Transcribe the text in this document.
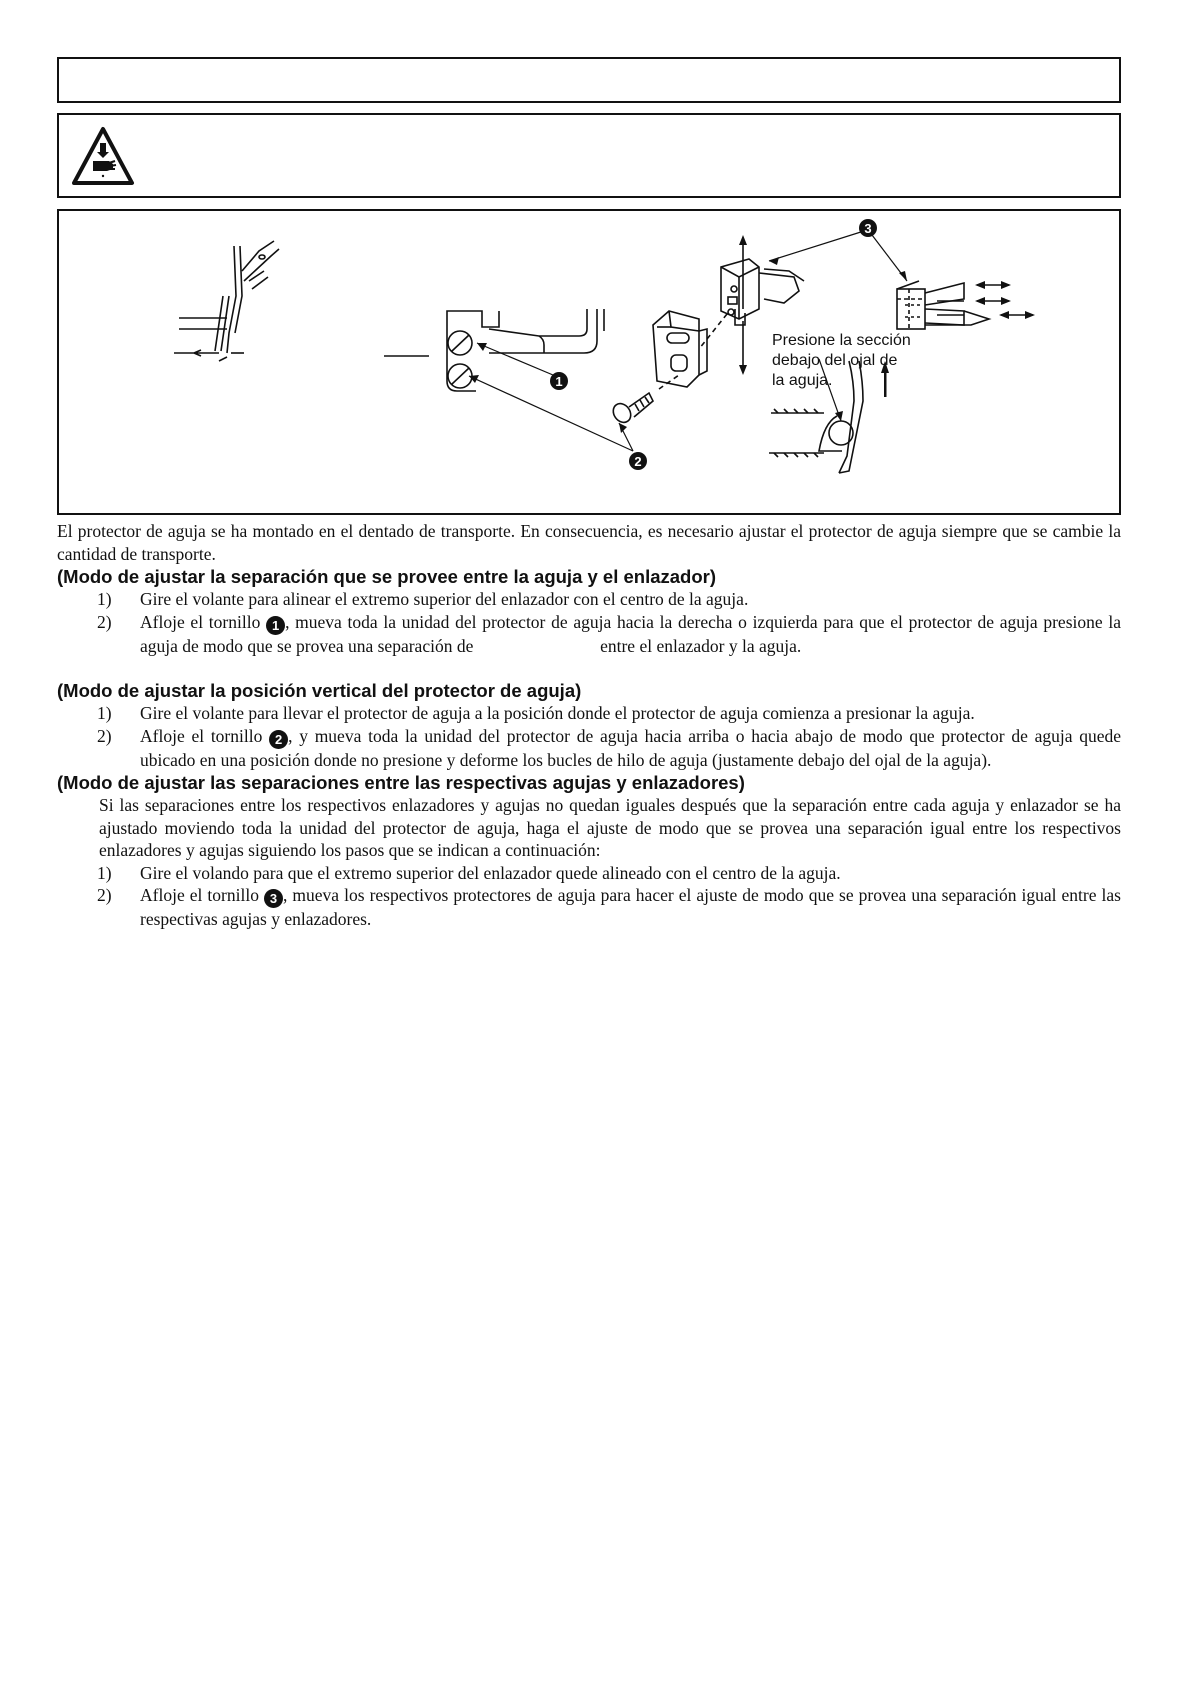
3
1
2
Presione la sección
debajo del ojal de
la aguja.

El protector de aguja se ha montado en el dentado de transporte. En consecuencia, es necesario ajustar el protector de aguja siempre que se cambie la cantidad de transporte.

(Modo de ajustar la separación que se provee entre la aguja y el enlazador)
1)	Gire el volante para alinear el extremo superior del enlazador con el centro de la aguja.
2)	Afloje el tornillo 1 , mueva toda la unidad del protector de aguja hacia la derecha o izquierda para que el protector de aguja presione la aguja de modo que se provea una separación de	entre el enlazador y la aguja.
(Modo de ajustar la posición vertical del protector de aguja)
1)	Gire el volante para llevar el protector de aguja a la posición donde el protector de aguja comienza a presionar la aguja.
2)	Afloje el tornillo 2 , y mueva toda la unidad del protector de aguja hacia arriba o hacia abajo de modo que protector de aguja quede ubicado en una posición donde no presione y deforme los bucles de hilo de aguja (justamente debajo del ojal de la aguja).
(Modo de ajustar las separaciones entre las respectivas agujas y enlazadores)

Si las separaciones entre los respectivos enlazadores y agujas no quedan iguales después que la separación entre cada aguja y enlazador se ha ajustado moviendo toda la unidad del protector de aguja, haga el ajuste de modo que se provea una separación igual entre los respectivos enlazadores y agujas siguiendo los pasos que se indican a continuación:

1)	Gire el volando para que el extremo superior del enlazador quede alineado con el centro de la aguja.
2)	Afloje el tornillo 3 , mueva los respectivos protectores de aguja para hacer el ajuste de modo que se provea una separación igual entre las respectivas agujas y enlazadores.
